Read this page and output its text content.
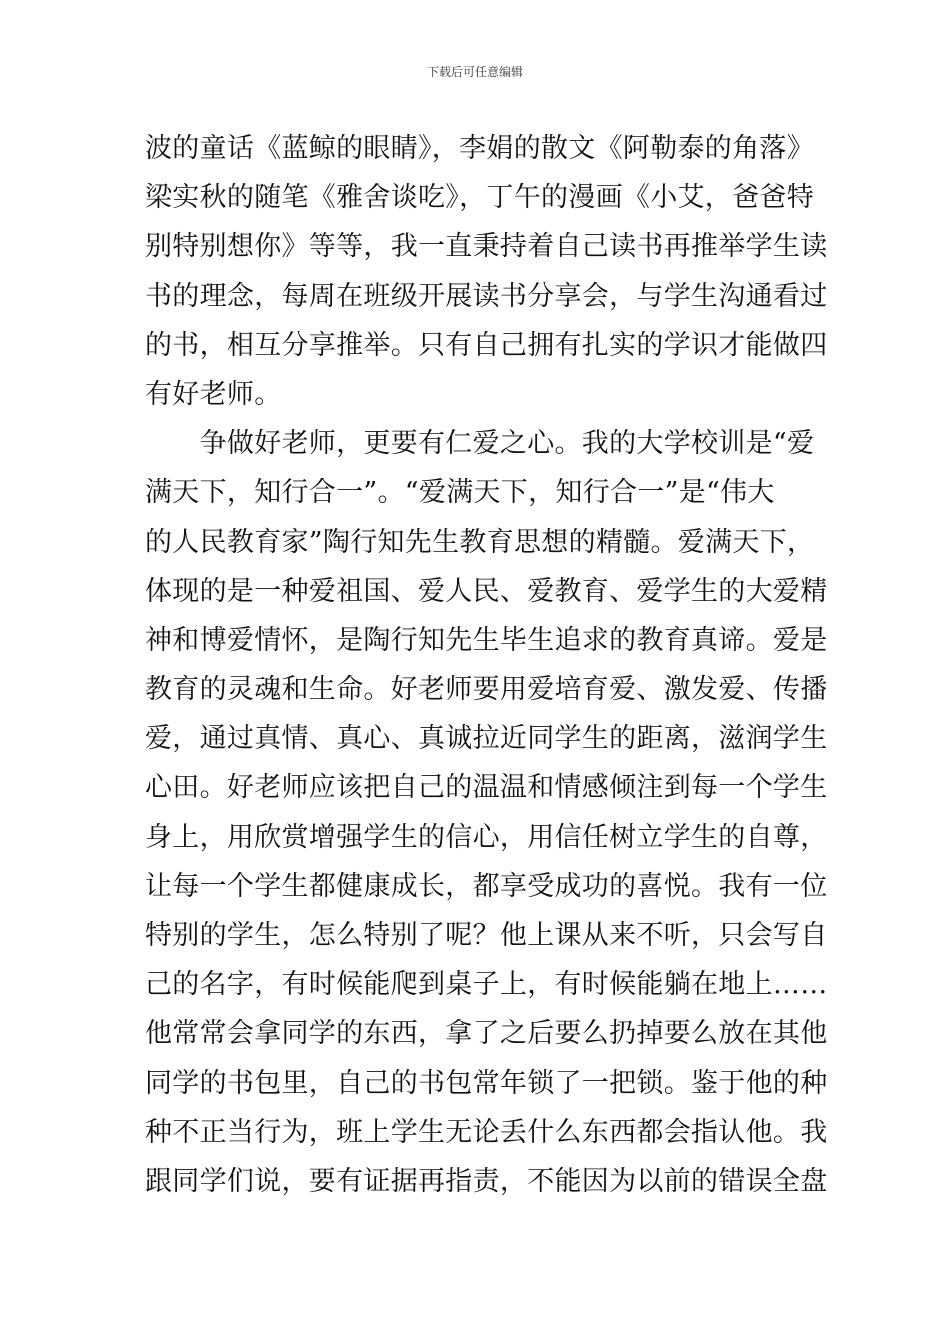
下载后可任意编辑
波的童话《蓝鲸的眼睛》，李娟的散文《阿勒泰的角落》
梁实秋的随笔《雅舍谈吃》，丁午的漫画《小艾，爸爸特
别特别想你》等等，我一直秉持着自己读书再推举学生读
书的理念，每周在班级开展读书分享会，与学生沟通看过
的书，相互分享推举。只有自己拥有扎实的学识才能做四
有好老师。
　　争做好老师，更要有仁爱之心。我的大学校训是“爱
满天下，知行合一”。“爱满天下，知行合一”是“伟大
的人民教育家”陶行知先生教育思想的精髓。爱满天下，
体现的是一种爱祖国、爱人民、爱教育、爱学生的大爱精
神和博爱情怀，是陶行知先生毕生追求的教育真谛。爱是
教育的灵魂和生命。好老师要用爱培育爱、激发爱、传播
爱，通过真情、真心、真诚拉近同学生的距离，滋润学生
心田。好老师应该把自己的温温和情感倾注到每一个学生
身上，用欣赏增强学生的信心，用信任树立学生的自尊，
让每一个学生都健康成长，都享受成功的喜悦。我有一位
特别的学生，怎么特别了呢？他上课从来不听，只会写自
己的名字，有时候能爬到桌子上，有时候能躺在地上……
他常常会拿同学的东西，拿了之后要么扔掉要么放在其他
同学的书包里，自己的书包常年锁了一把锁。鉴于他的种
种不正当行为，班上学生无论丢什么东西都会指认他。我
跟同学们说，要有证据再指责，不能因为以前的错误全盘
